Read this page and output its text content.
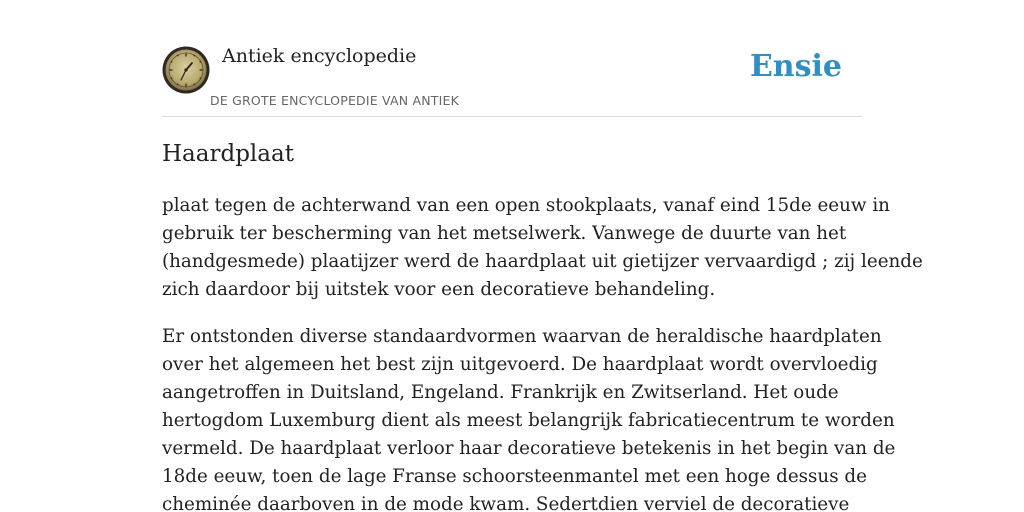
Antiek encyclopedie
DE GROTE ENCYCLOPEDIE VAN ANTIEK
Ensie
Haardplaat

plaat tegen de achterwand van een open stookplaats, vanaf eind 15de eeuw in
gebruik ter bescherming van het metselwerk. Vanwege de duurte van het
(handgesmede) plaatijzer werd de haardplaat uit gietijzer vervaardigd ; zij leende
zich daardoor bij uitstek voor een decoratieve behandeling.

Er ontstonden diverse standaardvormen waarvan de heraldische haardplaten
over het algemeen het best zijn uitgevoerd. De haardplaat wordt overvloedig
aangetroffen in Duitsland, Engeland. Frankrijk en Zwitserland. Het oude
hertogdom Luxemburg dient als meest belangrijk fabricatiecentrum te worden
vermeld. De haardplaat verloor haar decoratieve betekenis in het begin van de
18de eeuw, toen de lage Franse schoorsteenmantel met een hoge dessus de
cheminée daarboven in de mode kwam. Sedertdien verviel de decoratieve
